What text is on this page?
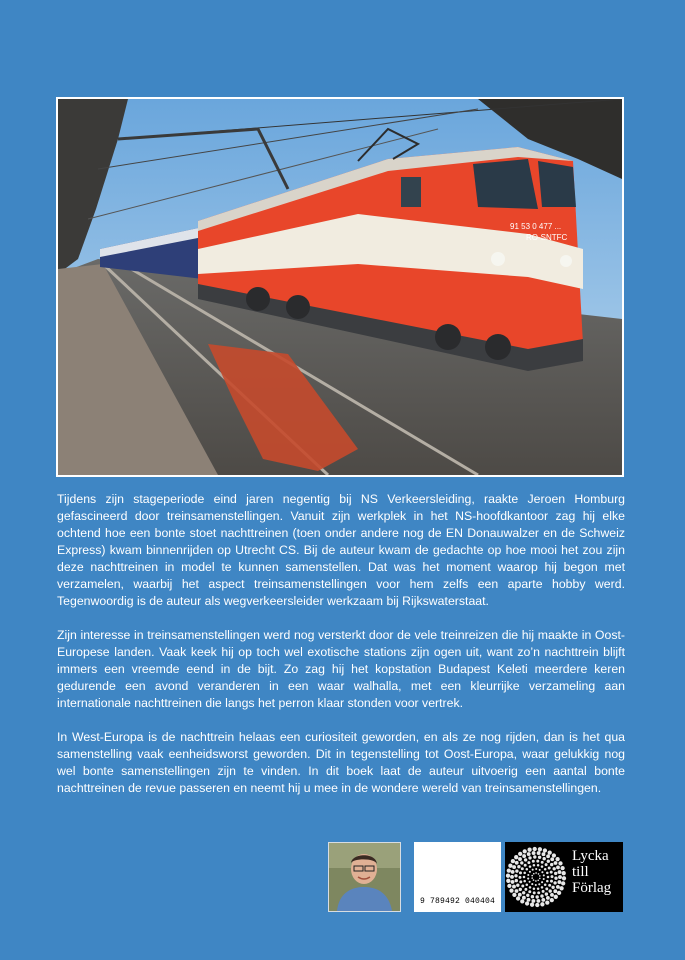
91 53 0 477 ...
RO-SNTFC

Tijdens zijn stageperiode eind jaren negentig bij NS Verkeersleiding, raakte Jeroen Homburg gefascineerd door treinsamenstellingen. Vanuit zijn werkplek in het NS-hoofdkantoor zag hij elke ochtend hoe een bonte stoet nachttreinen (toen onder andere nog de EN Donauwalzer en de Schweiz Express) kwam binnenrijden op Utrecht CS. Bij de auteur kwam de gedachte op hoe mooi het zou zijn deze nachttreinen in model te kunnen samenstellen. Dat was het moment waarop hij begon met verzamelen, waarbij het aspect treinsamenstellingen voor hem zelfs een aparte hobby werd. Tegenwoordig is de auteur als wegverkeersleider werkzaam bij Rijkswaterstaat.

Zijn interesse in treinsamenstellingen werd nog versterkt door de vele treinreizen die hij maakte in Oost-Europese landen. Vaak keek hij op toch wel exotische stations zijn ogen uit, want zo’n nachttrein blijft immers een vreemde eend in de bijt. Zo zag hij het kopstation Budapest Keleti meerdere keren gedurende een avond veranderen in een waar walhalla, met een kleurrijke verzameling aan internationale nachttreinen die langs het perron klaar stonden voor vertrek.

In West-Europa is de nachttrein helaas een curiositeit geworden, en als ze nog rijden, dan is het qua samenstelling vaak eenheidsworst geworden. Dit in tegenstelling tot Oost-Europa, waar gelukkig nog wel bonte samenstellingen zijn te vinden. In dit boek laat de auteur uitvoerig een aantal bonte nachttreinen de revue passeren en neemt hij u mee in de wondere wereld van treinsamenstellingen.

9 789492 040404
Lycka
till
Förlag
